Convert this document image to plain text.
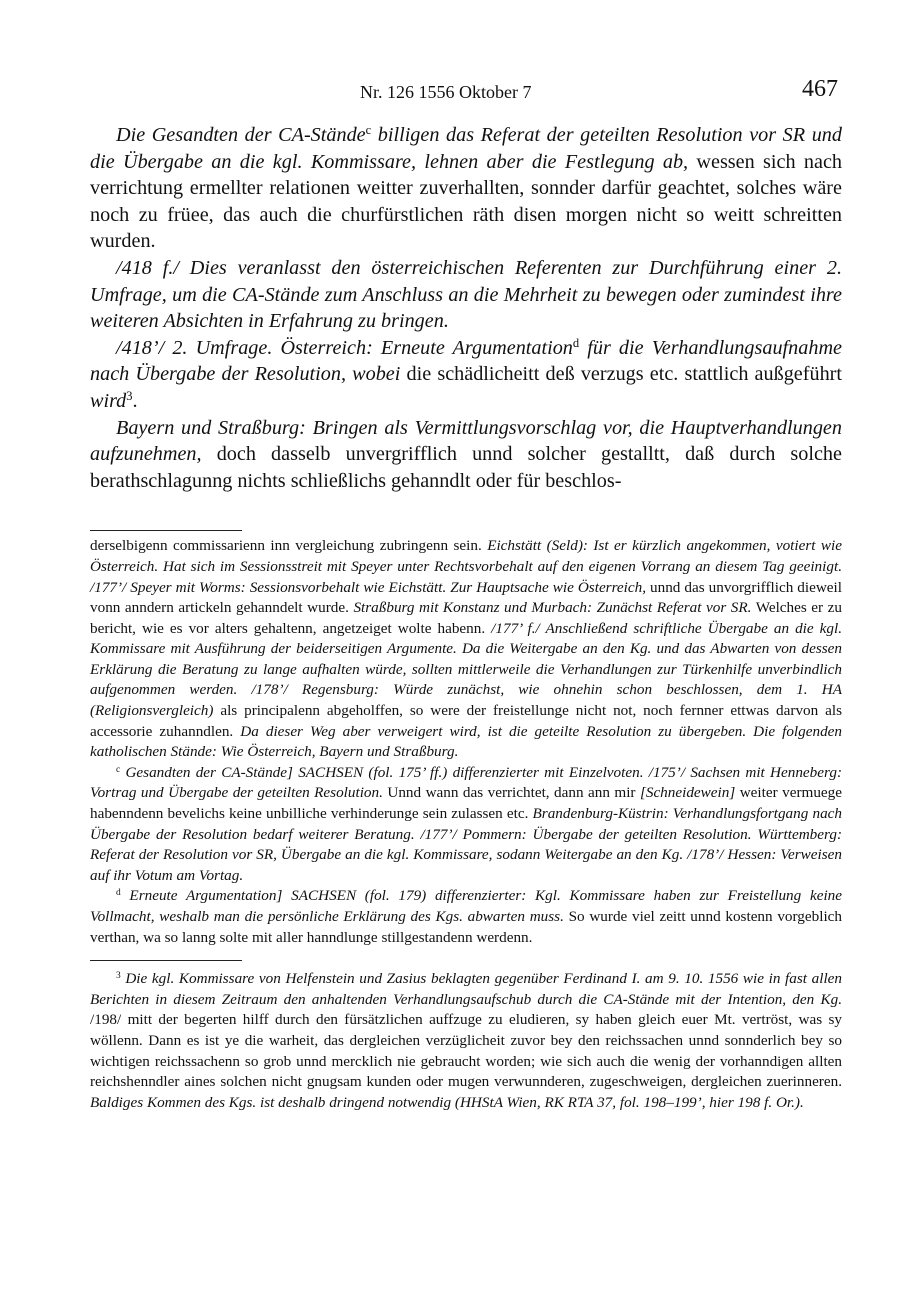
Nr. 126 1556 Oktober 7	467

Die Gesandten der CA-Stände$^c$ billigen das Referat der geteilten Resolution vor SR und die Übergabe an die kgl. Kommissare, lehnen aber die Festlegung ab, wessen sich nach verrichtung ermellter relationen weitter zuverhallten, sonnder darfür geachtet, solches wäre noch zu früee, das auch die churfürstlichen räth disen morgen nicht so weitt schreitten wurden.

/418 f./ Dies veranlasst den österreichischen Referenten zur Durchführung einer 2. Umfrage, um die CA-Stände zum Anschluss an die Mehrheit zu bewegen oder zumindest ihre weiteren Absichten in Erfahrung zu bringen.

/418’/ 2. Umfrage. Österreich: Erneute Argumentation$^d$ für die Verhandlungsaufnahme nach Übergabe der Resolution, wobei die schädlicheitt deß verzugs etc. stattlich außgeführt wird$^3$.

Bayern und Straßburg: Bringen als Vermittlungsvorschlag vor, die Hauptverhandlungen aufzunehmen, doch dasselb unvergrifflich unnd solcher gestalltt, daß durch solche berathschlagunng nichts schließlichs gehanndlt oder für beschlos-

derselbigenn commissarienn inn vergleichung zubringenn sein. Eichstätt (Seld): Ist er kürzlich angekommen, votiert wie Österreich. Hat sich im Sessionsstreit mit Speyer unter Rechtsvorbehalt auf den eigenen Vorrang an diesem Tag geeinigt. /177’/ Speyer mit Worms: Sessionsvorbehalt wie Eichstätt. Zur Hauptsache wie Österreich, unnd das unvorgrifflich dieweil vonn anndern artickeln gehanndelt wurde. Straßburg mit Konstanz und Murbach: Zunächst Referat vor SR. Welches er zu bericht, wie es vor alters gehaltenn, angetzeiget wolte habenn. /177’ f./ Anschließend schriftliche Übergabe an die kgl. Kommissare mit Ausführung der beiderseitigen Argumente. Da die Weitergabe an den Kg. und das Abwarten von dessen Erklärung die Beratung zu lange aufhalten würde, sollten mittlerweile die Verhandlungen zur Türkenhilfe unverbindlich aufgenommen werden. /178’/ Regensburg: Würde zunächst, wie ohnehin schon beschlossen, dem 1. HA (Religionsvergleich) als principalenn abgeholffen, so were der freistellunge nicht not, noch fernner ettwas darvon als accessorie zuhanndlen. Da dieser Weg aber verweigert wird, ist die geteilte Resolution zu übergeben. Die folgenden katholischen Stände: Wie Österreich, Bayern und Straßburg.

$^c$ Gesandten der CA-Stände] SACHSEN (fol. 175’ ff.) differenzierter mit Einzelvoten. /175’/ Sachsen mit Henneberg: Vortrag und Übergabe der geteilten Resolution. Unnd wann das verrichtet, dann ann mir [Schneidewein] weiter vermuege habenndenn bevelichs keine unbilliche verhinderunge sein zulassen etc. Brandenburg-Küstrin: Verhandlungsfortgang nach Übergabe der Resolution bedarf weiterer Beratung. /177’/ Pommern: Übergabe der geteilten Resolution. Württemberg: Referat der Resolution vor SR, Übergabe an die kgl. Kommissare, sodann Weitergabe an den Kg. /178’/ Hessen: Verweisen auf ihr Votum am Vortag.

$^d$ Erneute Argumentation] SACHSEN (fol. 179) differenzierter: Kgl. Kommissare haben zur Freistellung keine Vollmacht, weshalb man die persönliche Erklärung des Kgs. abwarten muss. So wurde viel zeitt unnd kostenn vorgeblich verthan, wa so lanng solte mit aller hanndlunge stillgestandenn werdenn.

$^3$ Die kgl. Kommissare von Helfenstein und Zasius beklagten gegenüber Ferdinand I. am 9. 10. 1556 wie in fast allen Berichten in diesem Zeitraum den anhaltenden Verhandlungsaufschub durch die CA-Stände mit der Intention, den Kg. /198/ mitt der begerten hilff durch den fürsätzlichen auffzuge zu eludieren, sy haben gleich euer Mt. vertröst, was sy wöllenn. Dann es ist ye die warheit, das dergleichen verzüglicheit zuvor bey den reichssachen unnd sonnderlich bey so wichtigen reichssachenn so grob unnd mercklich nie gebraucht worden; wie sich auch die wenig der vorhanndigen allten reichshenndler aines solchen nicht gnugsam kunden oder mugen verwunnderen, zugeschweigen, dergleichen zuerinneren. Baldiges Kommen des Kgs. ist deshalb dringend notwendig (HHStA Wien, RK RTA 37, fol. 198–199’, hier 198 f. Or.).
